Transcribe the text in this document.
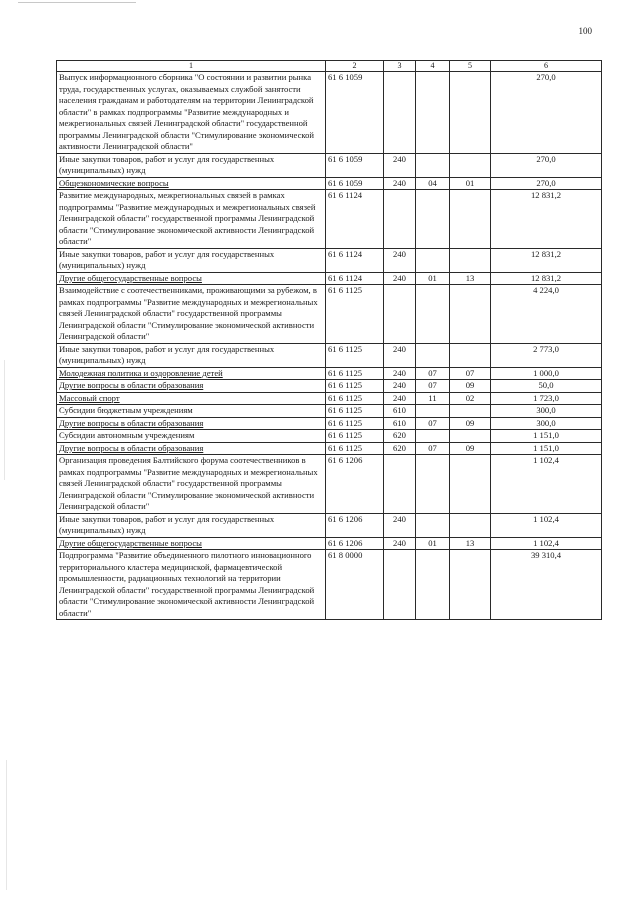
100
1	2	3	4	5	6
Выпуск информационного сборника "О состоянии и развитии рынка труда, государственных услугах, оказываемых службой занятости населения гражданам и работодателям на территории Ленинградской области" в рамках подпрограммы "Развитие международных и межрегиональных связей Ленинградской области" государственной программы Ленинградской области "Стимулирование экономической активности Ленинградской области"	61 6 1059				270,0
Иные закупки товаров, работ и услуг для государственных (муниципальных) нужд	61 6 1059	240			270,0
Общеэкономические вопросы	61 6 1059	240	04	01	270,0
Развитие международных, межрегиональных связей в рамках подпрограммы "Развитие международных и межрегиональных связей Ленинградской области" государственной программы Ленинградской области "Стимулирование экономической активности Ленинградской области"	61 6 1124				12 831,2
Иные закупки товаров, работ и услуг для государственных (муниципальных) нужд	61 6 1124	240			12 831,2
Другие общегосударственные вопросы	61 6 1124	240	01	13	12 831,2
Взаимодействие с соотечественниками, проживающими за рубежом, в рамках подпрограммы "Развитие международных и межрегиональных связей Ленинградской области" государственной программы Ленинградской области "Стимулирование экономической активности Ленинградской области"	61 6 1125				4 224,0
Иные закупки товаров, работ и услуг для государственных (муниципальных) нужд	61 6 1125	240			2 773,0
Молодежная политика и оздоровление детей	61 6 1125	240	07	07	1 000,0
Другие вопросы в области образования	61 6 1125	240	07	09	50,0
Массовый спорт	61 6 1125	240	11	02	1 723,0
Субсидии бюджетным учреждениям	61 6 1125	610			300,0
Другие вопросы в области образования	61 6 1125	610	07	09	300,0
Субсидии автономным учреждениям	61 6 1125	620			1 151,0
Другие вопросы в области образования	61 6 1125	620	07	09	1 151,0
Организация проведения Балтийского форума соотечественников в рамках подпрограммы "Развитие международных и межрегиональных связей Ленинградской области" государственной программы Ленинградской области "Стимулирование экономической активности Ленинградской области"	61 6 1206				1 102,4
Иные закупки товаров, работ и услуг для государственных (муниципальных) нужд	61 6 1206	240			1 102,4
Другие общегосударственные вопросы	61 6 1206	240	01	13	1 102,4
Подпрограмма "Развитие объединенного пилотного инновационного территориального кластера медицинской, фармацевтической промышленности, радиационных технологий на территории Ленинградской области" государственной программы Ленинградской области "Стимулирование экономической активности Ленинградской области"	61 8 0000				39 310,4
